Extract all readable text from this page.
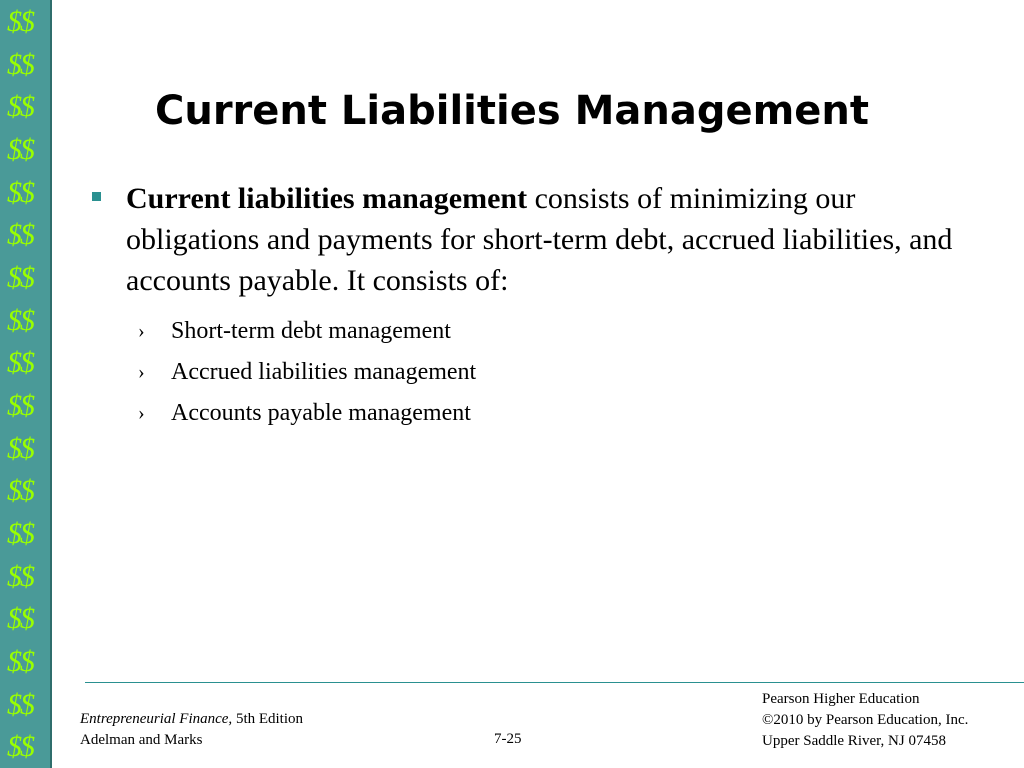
$$
$$
$$
$$
$$
$$
$$
$$
$$
$$
$$
$$
$$
$$
$$
$$
$$
$$
Current Liabilities Management
Current liabilities management consists of minimizing our obligations and payments for short-term debt, accrued liabilities, and accounts payable. It consists of:
› Short-term debt management
› Accrued liabilities management
› Accounts payable management
Entrepreneurial Finance, 5th Edition
Adelman and Marks	7-25
Pearson Higher Education
©2010 by Pearson Education, Inc.
Upper Saddle River, NJ 07458
